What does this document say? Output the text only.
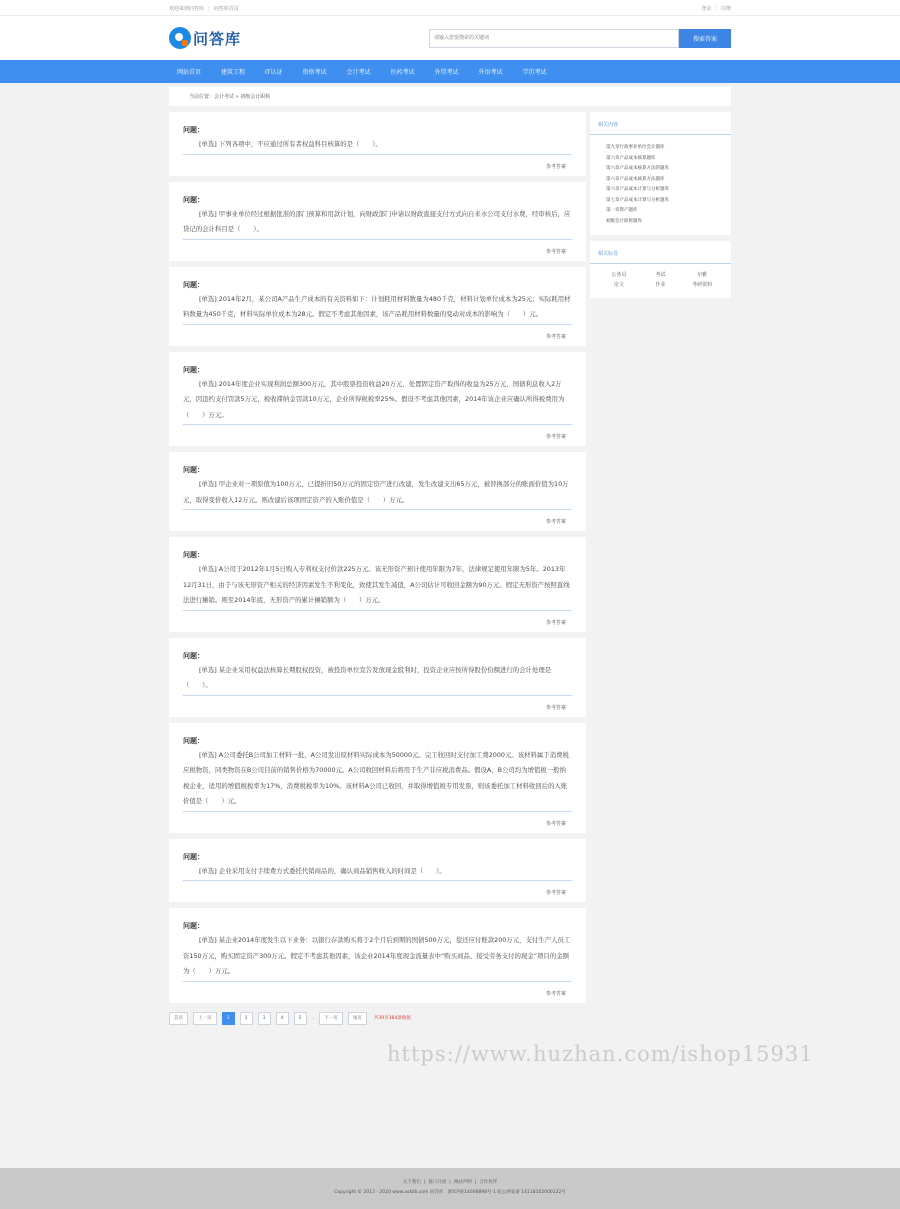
欢迎来到问答库 | 问答库首页	登录 | 注册
问答库
请输入您要搜索的关键词	搜索答案
网站首页	建筑工程	IT认证	资格考试	会计考试	医药考试	外贸考试	外语考试	学历考试
当前位置：会计考试 » 初级会计职称
问题：
[单选] 下列各项中，不应通过所有者权益科目核算的是（　　）。
参考答案
问题：
[单选] 甲事业单位经过根据批准的部门预算和用款计划，向财政部门申请以财政直接支付方式向自来水公司支付水费，经审核后，应贷记的会计科目是（　　）。
参考答案
问题：
[单选] 2014年2月，某公司A产品生产成本的有关资料如下：计划耗用材料数量为480千克，材料计划单位成本为25元；实际耗用材料数量为450千克，材料实际单位成本为28元。假定不考虑其他因素，该产品耗用材料数量的变动对成本的影响为（　　）元。
参考答案
问题：
[单选] 2014年度企业实现利润总额300万元，其中股票投资收益20万元，处置固定资产取得的收益为25万元，国债利息收入2万元，因违约支付罚款5万元，税收滞纳金罚款10万元，企业所得税税率25%。假设不考虑其他因素，2014年该企业应确认所得税费用为（　　）万元。
参考答案
问题：
[单选] 甲企业对一项原值为100万元、已提折旧50万元的固定资产进行改建，发生改建支出65万元，被替换部分的账面价值为10万元，取得变价收入12万元。则改建后该项固定资产的入账价值是（　　）万元。
参考答案
问题：
[单选] A公司于2012年1月5日购入专利权支付价款225万元。该无形资产预计使用年限为7年，法律规定使用年限为5年。2013年12月31日，由于与该无形资产相关的经济因素发生不利变化，致使其发生减值，A公司估计可收回金额为90万元。假定无形资产按照直线法进行摊销。则至2014年底，无形资产的累计摊销额为（　　）万元。
参考答案
问题：
[单选] 某企业采用权益法核算长期股权投资，被投资单位宣告发放现金股利时，投资企业应按所得股份份额进行的会计处理是（　　）。
参考答案
问题：
[单选] A公司委托B公司加工材料一批，A公司发出原材料实际成本为50000元。完工收回时支付加工费2000元。该材料属于消费税应税物资，同类物资在B公司目前的销售价格为70000元。A公司收回材料后将用于生产非应税消费品。假设A、B公司均为增值税一般纳税企业，适用的增值税税率为17%，消费税税率为10%。该材料A公司已收回，并取得增值税专用发票，则该委托加工材料收回后的入账价值是（　　）元。
参考答案
问题：
[单选] 企业采用支付手续费方式委托代销商品的，确认商品销售收入的时间是（　　）。
参考答案
问题：
[单选] 某企业2014年度发生以下业务：以银行存款购买将于2个月后到期的国债500万元，偿还应付账款200万元，支付生产人员工资150万元，购买固定资产300万元。假定不考虑其他因素，该企业2014年度现金流量表中“购买商品、接受劳务支付的现金”项目的金额为（　　）万元。
参考答案
首页	上一页	1	2	3	4	5	..	下一页	尾页	共39页384条数据
相关内容
第九章行政事业单位会计题库
第六章产品成本核算题库
第六章产品成本核算方法的题库
第六章产品成本核算方法题库
第六章产品成本计算与分析题库
第七章产品成本计算与分析题库
第一章资产题库
初级会计职称题库
相关标签
公务员	考试	尔雅
论文	作业	考研资料
关于我们 | 接口开放 | 网站声明 | 合作伙伴
Copyright © 2013 - 2020 www.asklib.com 问答库　浙ICP备14008898号-1 皖公网安备 14118102000122号
https://www.huzhan.com/ishop15931
